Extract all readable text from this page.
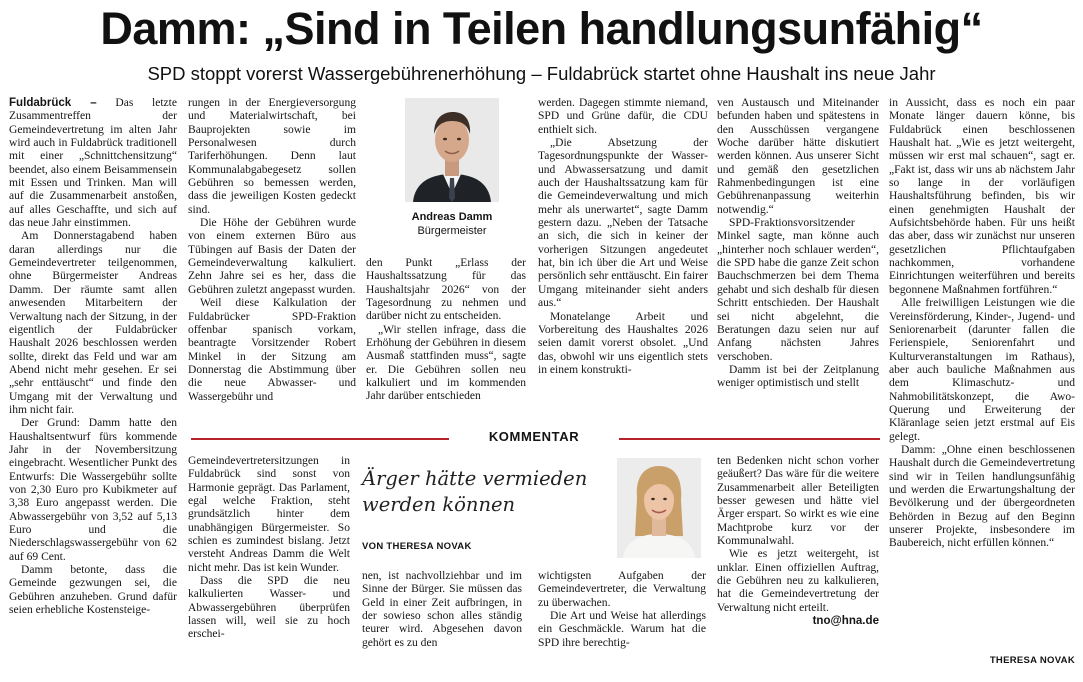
Damm: „Sind in Teilen handlungsunfähig“
SPD stoppt vorerst Wassergebührenerhöhung – Fuldabrück startet ohne Haushalt ins neue Jahr

Fuldabrück – Das letzte Zusammentreffen der Gemeindevertretung im alten Jahr wird auch in Fuldabrück traditionell mit einer „Schnittchensitzung“ beendet, also einem Beisammensein mit Essen und Trinken. Man will auf die Zusammenarbeit anstoßen, auf alles Geschaffte, und sich auf das neue Jahr einstimmen.

Am Donnerstagabend haben daran allerdings nur die Gemeindevertreter teilgenommen, ohne Bürgermeister Andreas Damm. Der räumte samt allen anwesenden Mitarbeitern der Verwaltung nach der Sitzung, in der eigentlich der Fuldabrücker Haushalt 2026 beschlossen werden sollte, direkt das Feld und war am Abend nicht mehr gesehen. Er sei „sehr enttäuscht“ und finde den Umgang mit der Verwaltung und ihm nicht fair.

Der Grund: Damm hatte den Haushaltsentwurf fürs kommende Jahr in der Novembersitzung eingebracht. Wesentlicher Punkt des Entwurfs: Die Wassergebühr sollte von 2,30 Euro pro Kubikmeter auf 3,38 Euro angepasst werden. Die Abwassergebühr von 3,52 auf 5,13 Euro und die Niederschlagswassergebühr von 62 auf 69 Cent.

Damm betonte, dass die Gemeinde gezwungen sei, die Gebühren anzuheben. Grund dafür seien erhebliche Kostensteige-

rungen in der Energieversorgung und Materialwirtschaft, bei Bauprojekten sowie im Personalwesen durch Tariferhöhungen. Denn laut Kommunalabgabegesetz sollen Gebühren so bemessen werden, dass die jeweiligen Kosten gedeckt sind.

Die Höhe der Gebühren wurde von einem externen Büro aus Tübingen auf Basis der Daten der Gemeindeverwaltung kalkuliert. Zehn Jahre sei es her, dass die Gebühren zuletzt angepasst wurden.

Weil diese Kalkulation der Fuldabrücker SPD-Fraktion offenbar spanisch vorkam, beantragte Vorsitzender Robert Minkel in der Sitzung am Donnerstag die Abstimmung über die neue Abwasser- und Wassergebühr und

Andreas Damm
Bürgermeister

den Punkt „Erlass der Haushaltssatzung für das Haushaltsjahr 2026“ von der Tagesordnung zu nehmen und darüber nicht zu entscheiden.

„Wir stellen infrage, dass die Erhöhung der Gebühren in diesem Ausmaß stattfinden muss“, sagte er. Die Gebühren sollen neu kalkuliert und im kommenden Jahr darüber entschieden

werden. Dagegen stimmte niemand, SPD und Grüne dafür, die CDU enthielt sich.

„Die Absetzung der Tagesordnungspunkte der Wasser- und Abwassersatzung und damit auch der Haushaltssatzung kam für die Gemeindeverwaltung und mich mehr als unerwartet“, sagte Damm gestern dazu. „Neben der Tatsache an sich, die sich in keiner der vorherigen Sitzungen angedeutet hat, bin ich über die Art und Weise persönlich sehr enttäuscht. Ein fairer Umgang miteinander sieht anders aus.“

Monatelange Arbeit und Vorbereitung des Haushaltes 2026 seien damit vorerst obsolet. „Und das, obwohl wir uns eigentlich stets in einem konstrukti-

ven Austausch und Miteinander befunden haben und spätestens in den Ausschüssen vergangene Woche darüber hätte diskutiert werden können. Aus unserer Sicht und gemäß den gesetzlichen Rahmenbedingungen ist eine Gebührenanpassung weiterhin notwendig.“

SPD-Fraktionsvorsitzender Minkel sagte, man könne auch „hinterher noch schlauer werden“, die SPD habe die ganze Zeit schon Bauchschmerzen bei dem Thema gehabt und sich deshalb für diesen Schritt entschieden. Der Haushalt sei nicht abgelehnt, die Beratungen dazu seien nur auf Anfang nächsten Jahres verschoben.

Damm ist bei der Zeitplanung weniger optimistisch und stellt

in Aussicht, dass es noch ein paar Monate länger dauern könne, bis Fuldabrück einen beschlossenen Haushalt hat. „Wie es jetzt weitergeht, müssen wir erst mal schauen“, sagt er. „Fakt ist, dass wir uns ab nächstem Jahr so lange in der vorläufigen Haushaltsführung befinden, bis wir einen genehmigten Haushalt der Aufsichtsbehörde haben. Für uns heißt das aber, dass wir zunächst nur unseren gesetzlichen Pflichtaufgaben nachkommen, vorhandene Einrichtungen weiterführen und bereits begonnene Maßnahmen fortführen.“

Alle freiwilligen Leistungen wie die Vereinsförderung, Kinder-, Jugend- und Seniorenarbeit (darunter fallen die Ferienspiele, Seniorenfahrt und Kulturveranstaltungen im Rathaus), aber auch bauliche Maßnahmen aus dem Klimaschutz- und Nahmobilitätskonzept, die Awo-Querung und Erweiterung der Kläranlage seien jetzt erstmal auf Eis gelegt.

Damm: „Ohne einen beschlossenen Haushalt durch die Gemeindevertretung sind wir in Teilen handlungsunfähig und werden die Erwartungshaltung der Bevölkerung und der übergeordneten Behörden in Bezug auf den Beginn unserer Projekte, insbesondere im Baubereich, nicht erfüllen können.“

THERESA NOVAK
KOMMENTAR

Gemeindevertretersitzungen in Fuldabrück sind sonst von Harmonie geprägt. Das Parlament, egal welche Fraktion, steht grundsätzlich hinter dem unabhängigen Bürgermeister. So schien es zumindest bislang. Jetzt versteht Andreas Damm die Welt nicht mehr. Das ist kein Wunder.

Dass die SPD die neu kalkulierten Wasser- und Abwassergebühren überprüfen lassen will, weil sie zu hoch erschei-

Ärger hätte vermieden werden können
VON THERESA NOVAK

nen, ist nachvollziehbar und im Sinne der Bürger. Sie müssen das Geld in einer Zeit aufbringen, in der sowieso schon alles ständig teurer wird. Abgesehen davon gehört es zu den

wichtigsten Aufgaben der Gemeindevertreter, die Verwaltung zu überwachen.

Die Art und Weise hat allerdings ein Geschmäckle. Warum hat die SPD ihre berechtig-

ten Bedenken nicht schon vorher geäußert? Das wäre für die weitere Zusammenarbeit aller Beteiligten besser gewesen und hätte viel Ärger erspart. So wirkt es wie eine Machtprobe kurz vor der Kommunalwahl.

Wie es jetzt weitergeht, ist unklar. Einen offiziellen Auftrag, die Gebühren neu zu kalkulieren, hat die Gemeindevertretung der Verwaltung nicht erteilt.
tno@hna.de
